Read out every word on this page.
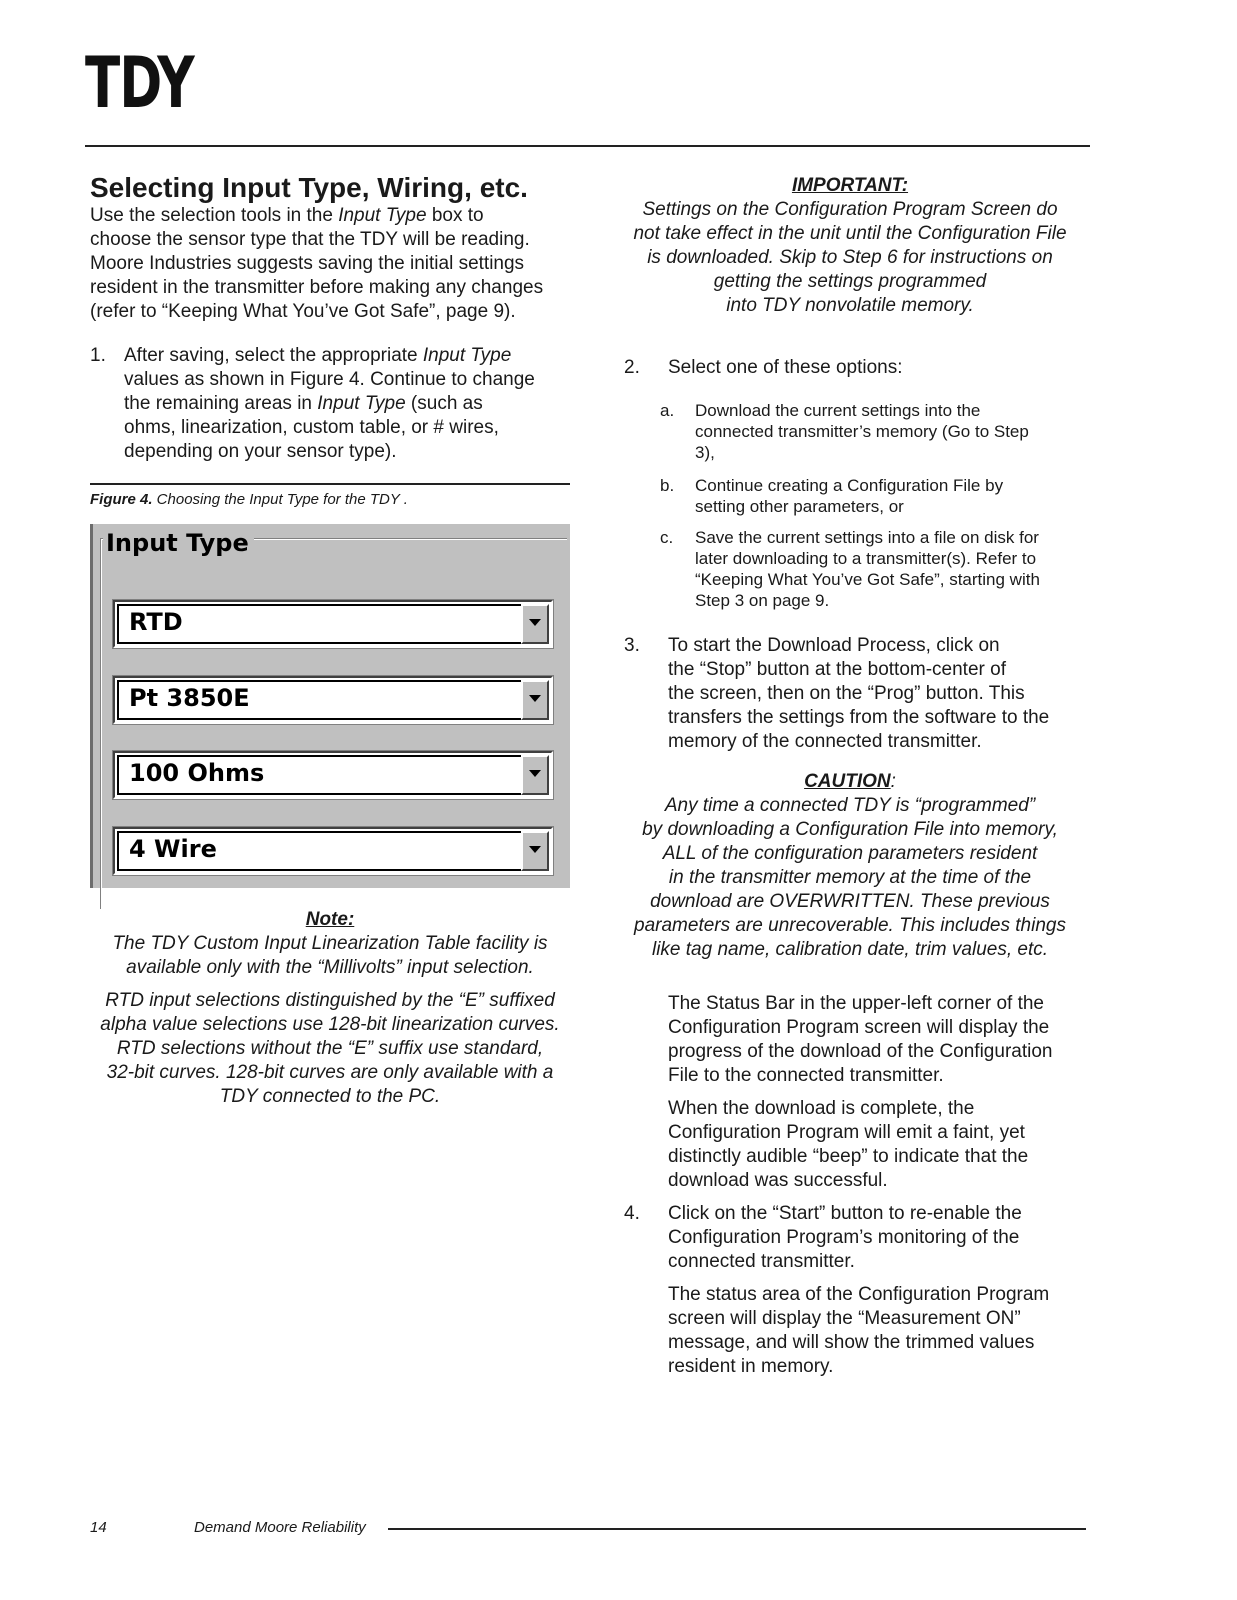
TDY
Selecting Input Type, Wiring, etc.
Use the selection tools in the Input Type box to
choose the sensor type that the TDY will be reading.
Moore Industries suggests saving the initial settings
resident in the transmitter before making any changes
(refer to “Keeping What You’ve Got Safe”, page 9).
1. After saving, select the appropriate Input Type
values as shown in Figure 4. Continue to change
the remaining areas in Input Type (such as
ohms, linearization, custom table, or # wires,
depending on your sensor type).
Figure 4. Choosing the Input Type for the TDY .
Input Type
RTD
Pt 3850E
100 Ohms
4 Wire
Note:

The TDY Custom Input Linearization Table facility is
available only with the “Millivolts” input selection.

RTD input selections distinguished by the “E” suffixed
alpha value selections use 128-bit linearization curves.
RTD selections without the “E” suffix use standard,
32-bit curves. 128-bit curves are only available with a
TDY connected to the PC.

IMPORTANT:
Settings on the Configuration Program Screen do
not take effect in the unit until the Configuration File
is downloaded. Skip to Step 6 for instructions on
getting the settings programmed
into TDY nonvolatile memory.
2. Select one of these options:
a. Download the current settings into the
connected transmitter’s memory (Go to Step
3),
b. Continue creating a Configuration File by
setting other parameters, or
c. Save the current settings into a file on disk for
later downloading to a transmitter(s). Refer to
“Keeping What You’ve Got Safe”, starting with
Step 3 on page 9.
3. To start the Download Process, click on
the “Stop” button at the bottom-center of
the screen, then on the “Prog” button. This
transfers the settings from the software to the
memory of the connected transmitter.
CAUTION:
Any time a connected TDY is “programmed”
by downloading a Configuration File into memory,
ALL of the configuration parameters resident
in the transmitter memory at the time of the
download are OVERWRITTEN. These previous
parameters are unrecoverable. This includes things
like tag name, calibration date, trim values, etc.
The Status Bar in the upper-left corner of the
Configuration Program screen will display the
progress of the download of the Configuration
File to the connected transmitter.
When the download is complete, the
Configuration Program will emit a faint, yet
distinctly audible “beep” to indicate that the
download was successful.
4. Click on the “Start” button to re-enable the
Configuration Program’s monitoring of the
connected transmitter.
The status area of the Configuration Program
screen will display the “Measurement ON”
message, and will show the trimmed values
resident in memory.
14	Demand Moore Reliability
